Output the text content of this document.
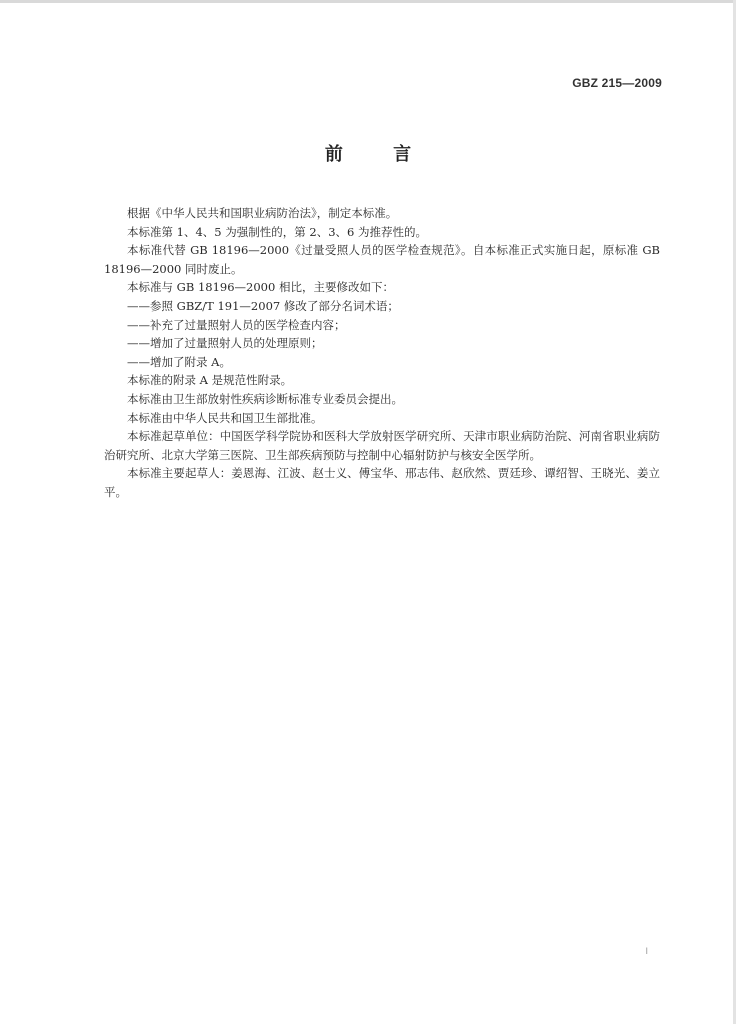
GBZ 215—2009
前 言

根据《中华人民共和国职业病防治法》，制定本标准。

本标准第 1、4、5 为强制性的，第 2、3、6 为推荐性的。

本标准代替 GB 18196—2000《过量受照人员的医学检查规范》。自本标准正式实施日起，原标准 GB 18196—2000 同时废止。

本标准与 GB 18196—2000 相比，主要修改如下：

——参照 GBZ/T 191—2007 修改了部分名词术语；

——补充了过量照射人员的医学检查内容；

——增加了过量照射人员的处理原则；

——增加了附录 A。

本标准的附录 A 是规范性附录。

本标准由卫生部放射性疾病诊断标准专业委员会提出。

本标准由中华人民共和国卫生部批准。

本标准起草单位：中国医学科学院协和医科大学放射医学研究所、天津市职业病防治院、河南省职业病防治研究所、北京大学第三医院、卫生部疾病预防与控制中心辐射防护与核安全医学所。

本标准主要起草人：姜恩海、江波、赵士义、傅宝华、邢志伟、赵欣然、贾廷珍、谭绍智、王晓光、姜立平。

I
